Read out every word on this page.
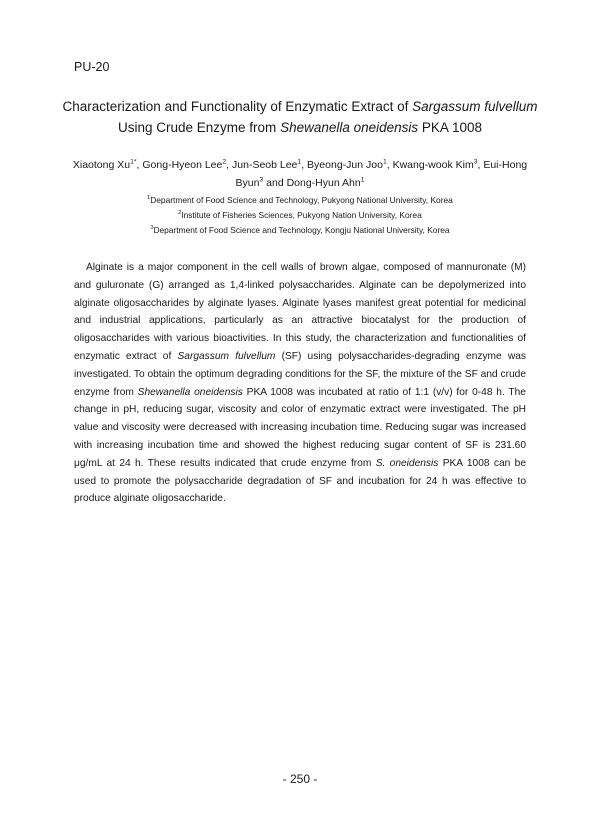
PU-20
Characterization and Functionality of Enzymatic Extract of Sargassum fulvellum
Using Crude Enzyme from Shewanella oneidensis PKA 1008
Xiaotong $Xu^{1*}$, Gong-Hyeon Lee$^2$, Jun-Seob Lee$^1$, Byeong-Jun Joo$^1$, Kwang-wook Kim$^3$, Eui-Hong
Byun$^3$ and Dong-Hyun Ahn$^1$
$^1$Department of Food Science and Technology, Pukyong National University, Korea
$^2$Institute of Fisheries Sciences, Pukyong Nation University, Korea
$^3$Department of Food Science and Technology, Kongju National University, Korea

Alginate is a major component in the cell walls of brown algae, composed of mannuronate (M) and guluronate (G) arranged as 1,4-linked polysaccharides. Alginate can be depolymerized into alginate oligosaccharides by alginate lyases. Alginate lyases manifest great potential for medicinal and industrial applications, particularly as an attractive biocatalyst for the production of oligosaccharides with various bioactivities. In this study, the characterization and functionalities of enzymatic extract of Sargassum fulvellum (SF) using polysaccharides-degrading enzyme was investigated. To obtain the optimum degrading conditions for the SF, the mixture of the SF and crude enzyme from Shewanella oneidensis PKA 1008 was incubated at ratio of 1:1 (v/v) for 0-48 h. The change in pH, reducing sugar, viscosity and color of enzymatic extract were investigated. The pH value and viscosity were decreased with increasing incubation time. Reducing sugar was increased with increasing incubation time and showed the highest reducing sugar content of SF is 231.60 μg/mL at 24 h. These results indicated that crude enzyme from S. oneidensis PKA 1008 can be used to promote the polysaccharide degradation of SF and incubation for 24 h was effective to produce alginate oligosaccharide.

- 250 -
